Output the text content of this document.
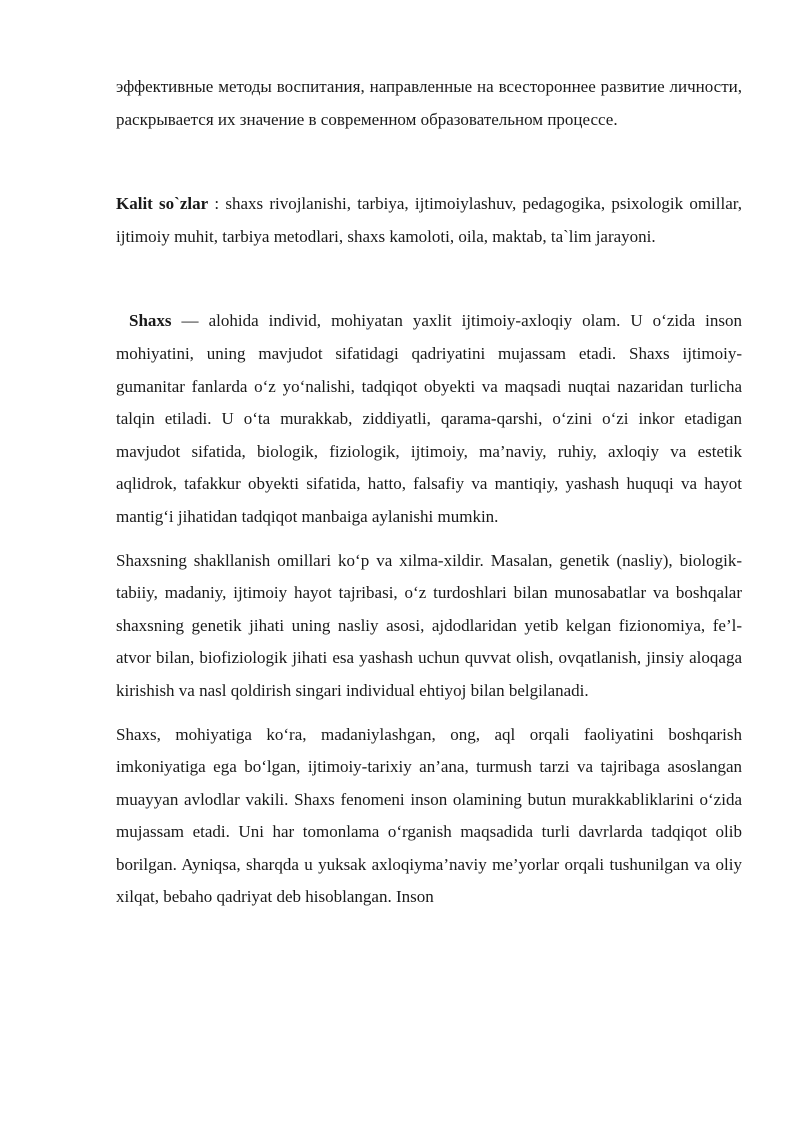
эффективные методы воспитания, направленные на всестороннее развитие личности, раскрывается их значение в современном образовательном процессе.

Kalit so`zlar : shaxs rivojlanishi, tarbiya, ijtimoiylashuv, pedagogika, psixologik omillar, ijtimoiy muhit, tarbiya metodlari, shaxs kamoloti, oila, maktab, ta`lim jarayoni.

Shaxs — alohida individ, mohiyatan yaxlit ijtimoiy-axloqiy olam. U o‘zida inson mohiyatini, uning mavjudot sifatidagi qadriyatini mujassam etadi. Shaxs ijtimoiy-gumanitar fanlarda o‘z yo‘nalishi, tadqiqot obyekti va maqsadi nuqtai nazaridan turlicha talqin etiladi. U o‘ta murakkab, ziddiyatli, qarama-qarshi, o‘zini o‘zi inkor etadigan mavjudot sifatida, biologik, fiziologik, ijtimoiy, ma’naviy, ruhiy, axloqiy va estetik aqlidrok, tafakkur obyekti sifatida, hatto, falsafiy va mantiqiy, yashash huquqi va hayot mantig‘i jihatidan tadqiqot manbaiga aylanishi mumkin.

Shaxsning shakllanish omillari ko‘p va xilma-xildir. Masalan, genetik (nasliy), biologik-tabiiy, madaniy, ijtimoiy hayot tajribasi, o‘z turdoshlari bilan munosabatlar va boshqalar shaxsning genetik jihati uning nasliy asosi, ajdodlaridan yetib kelgan fizionomiya, fe’l-atvor bilan, biofiziologik jihati esa yashash uchun quvvat olish, ovqatlanish, jinsiy aloqaga kirishish va nasl qoldirish singari individual ehtiyoj bilan belgilanadi.

Shaxs, mohiyatiga ko‘ra, madaniylashgan, ong, aql orqali faoliyatini boshqarish imkoniyatiga ega bo‘lgan, ijtimoiy-tarixiy an’ana, turmush tarzi va tajribaga asoslangan muayyan avlodlar vakili. Shaxs fenomeni inson olamining butun murakkabliklarini o‘zida mujassam etadi. Uni har tomonlama o‘rganish maqsadida turli davrlarda tadqiqot olib borilgan. Ayniqsa, sharqda u yuksak axloqiyma’naviy me’yorlar orqali tushunilgan va oliy xilqat, bebaho qadriyat deb hisoblangan. Inson
